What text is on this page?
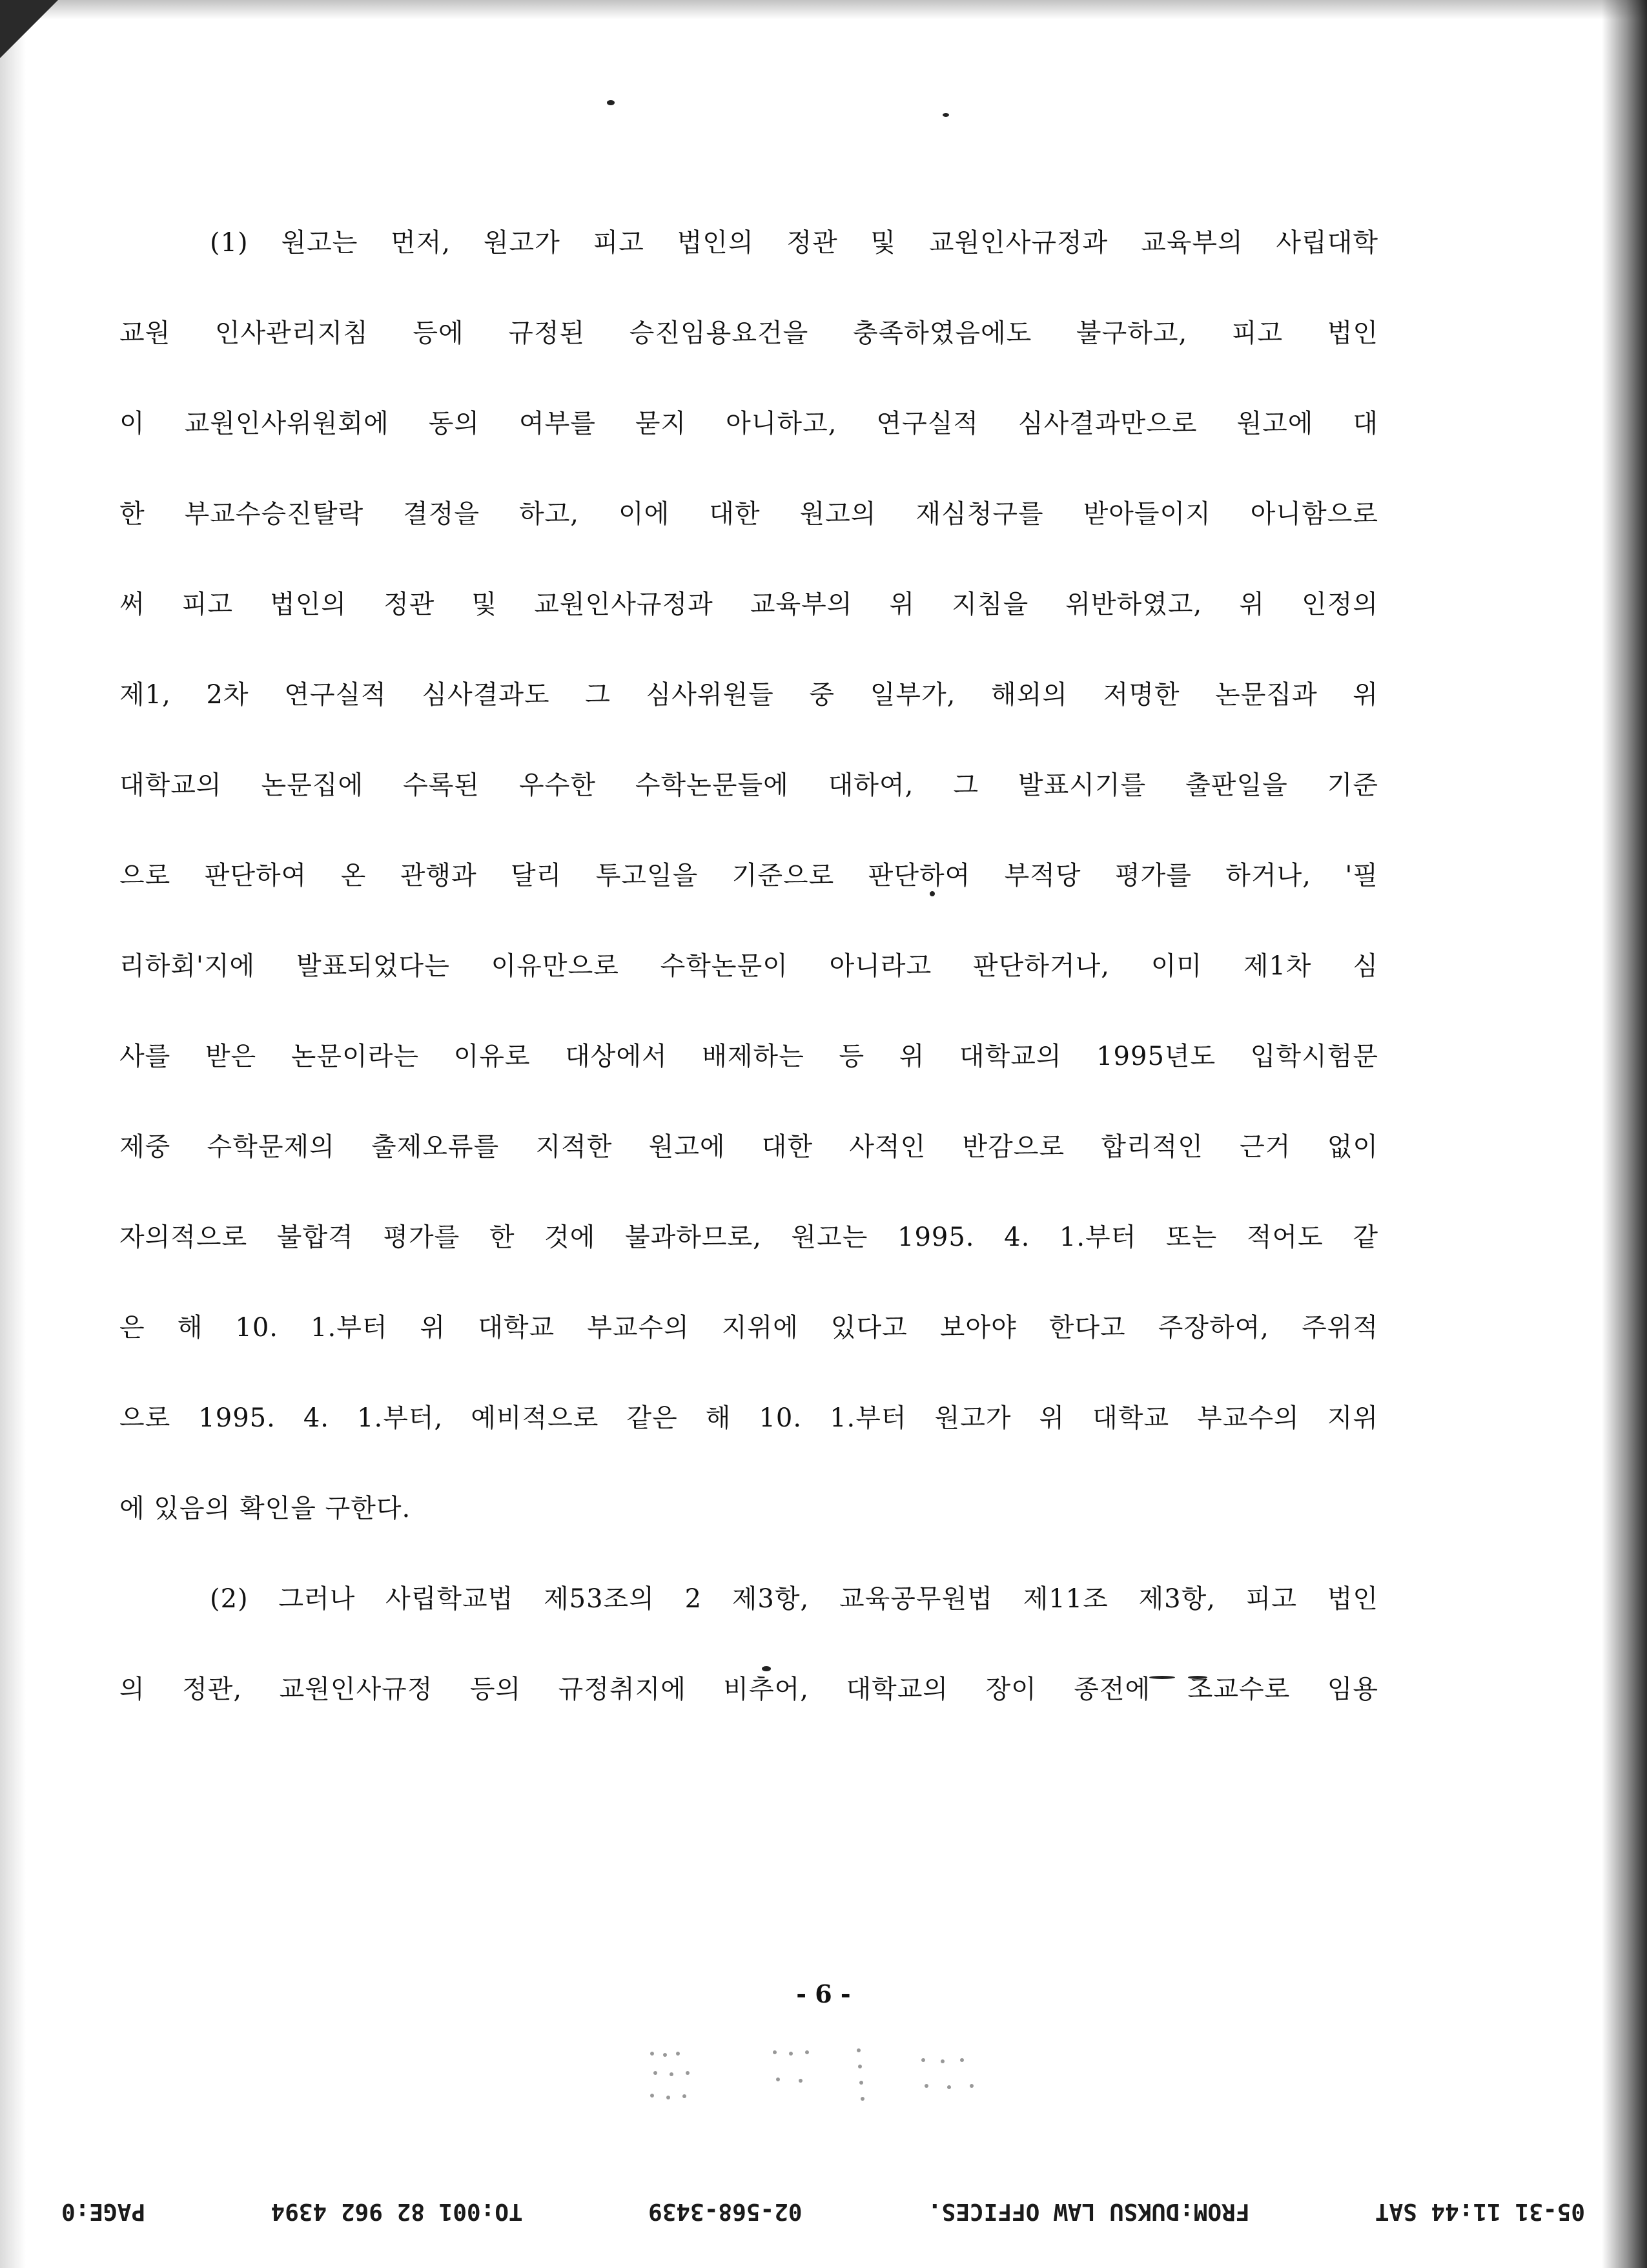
(1) 원고는 먼저, 원고가 피고 법인의 정관 및 교원인사규정과 교육부의 사립대학
교원 인사관리지침 등에 규정된 승진임용요건을 충족하였음에도 불구하고, 피고 법인
이 교원인사위원회에 동의 여부를 묻지 아니하고, 연구실적 심사결과만으로 원고에 대
한 부교수승진탈락 결정을 하고, 이에 대한 원고의 재심청구를 받아들이지 아니함으로
써 피고 법인의 정관 및 교원인사규정과 교육부의 위 지침을 위반하였고, 위 인정의
제1, 2차 연구실적 심사결과도 그 심사위원들 중 일부가, 해외의 저명한 논문집과 위
대학교의 논문집에 수록된 우수한 수학논문들에 대하여, 그 발표시기를 출판일을 기준
으로 판단하여 온 관행과 달리 투고일을 기준으로 판단하여 부적당 평가를 하거나, '필
리하회'지에 발표되었다는 이유만으로 수학논문이 아니라고 판단하거나, 이미 제1차 심
사를 받은 논문이라는 이유로 대상에서 배제하는 등 위 대학교의 1995년도 입학시험문
제중 수학문제의 출제오류를 지적한 원고에 대한 사적인 반감으로 합리적인 근거 없이
자의적으로 불합격 평가를 한 것에 불과하므로, 원고는 1995. 4. 1.부터 또는 적어도 같
은 해 10. 1.부터 위 대학교 부교수의 지위에 있다고 보아야 한다고 주장하여, 주위적
으로 1995. 4. 1.부터, 예비적으로 같은 해 10. 1.부터 원고가 위 대학교 부교수의 지위
에 있음의 확인을 구한다.
(2) 그러나 사립학교법 제53조의 2 제3항, 교육공무원법 제11조 제3항, 피고 법인
의 정관, 교원인사규정 등의 규정취지에 비추어, 대학교의 장이 종전에 조교수로 임용
- 6 -
05-31 11:44 SAT
FROM:DUKSU LAW OFFICES.
02-568-3439
TO:001 82 962 4394
PAGE:0
